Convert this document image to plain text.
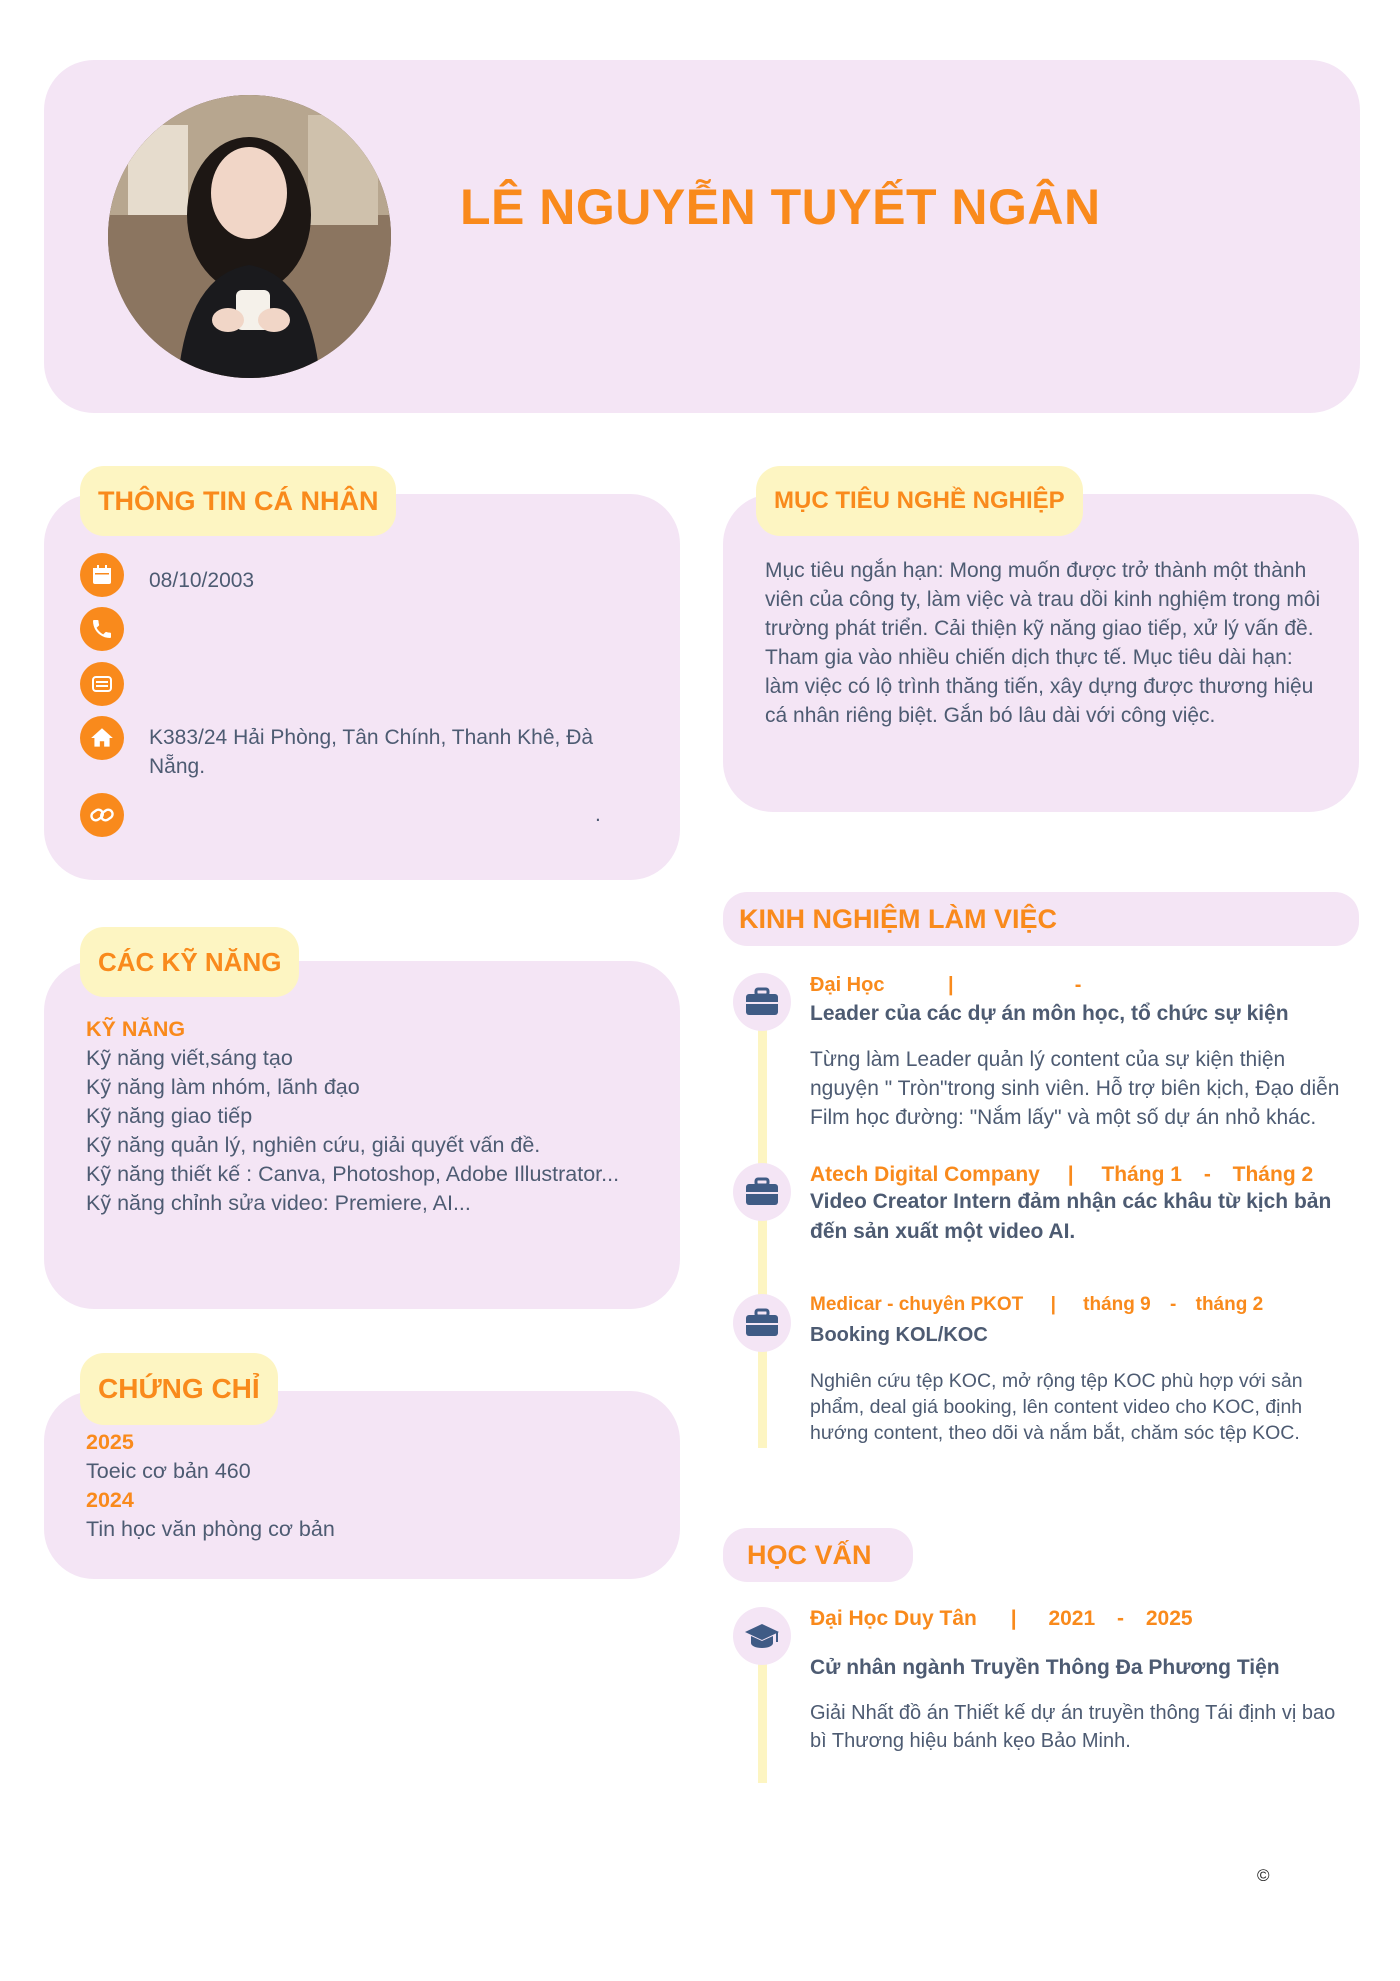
LÊ NGUYỄN TUYẾT NGÂN
THÔNG TIN CÁ NHÂN
08/10/2003
K383/24 Hải Phòng, Tân Chính, Thanh Khê, Đà Nẵng.
.
MỤC TIÊU NGHỀ NGHIỆP
Mục tiêu ngắn hạn: Mong muốn được trở thành một thành viên của công ty, làm việc và trau dồi kinh nghiệm trong môi trường phát triển. Cải thiện kỹ năng giao tiếp, xử lý vấn đề. Tham gia vào nhiều chiến dịch thực tế. Mục tiêu dài hạn: làm việc có lộ trình thăng tiến, xây dựng được thương hiệu cá nhân riêng biệt. Gắn bó lâu dài với công việc.
CÁC KỸ NĂNG
KỸ NĂNG
Kỹ năng viết,sáng tạo
Kỹ năng làm nhóm, lãnh đạo
Kỹ năng giao tiếp
Kỹ năng quản lý, nghiên cứu, giải quyết vấn đề.
Kỹ năng thiết kế : Canva, Photoshop, Adobe Illustrator...
Kỹ năng chỉnh sửa video: Premiere, AI...
CHỨNG CHỈ
2025
Toeic cơ bản 460
2024
Tin học văn phòng cơ bản
KINH NGHIỆM LÀM VIỆC
Đại Học	|	-
Leader của các dự án môn học, tổ chức sự kiện
Từng làm Leader quản lý content của sự kiện thiện nguyện " Tròn"trong sinh viên. Hỗ trợ biên kịch, Đạo diễn Film học đường: "Nắm lấy" và một số dự án nhỏ khác.
Atech Digital Company | Tháng 1 - Tháng 2
Video Creator Intern đảm nhận các khâu từ kịch bản đến sản xuất một video AI.
Medicar - chuyên PKOT | tháng 9 - tháng 2
Booking KOL/KOC
Nghiên cứu tệp KOC, mở rộng tệp KOC phù hợp với sản phẩm, deal giá booking, lên content video cho KOC, định hướng content, theo dõi và nắm bắt, chăm sóc tệp KOC.
HỌC VẤN
Đại Học Duy Tân | 2021 - 2025
Cử nhân ngành Truyền Thông Đa Phương Tiện
Giải Nhất đồ án Thiết kế dự án truyền thông Tái định vị bao bì Thương hiệu bánh kẹo Bảo Minh.
©
